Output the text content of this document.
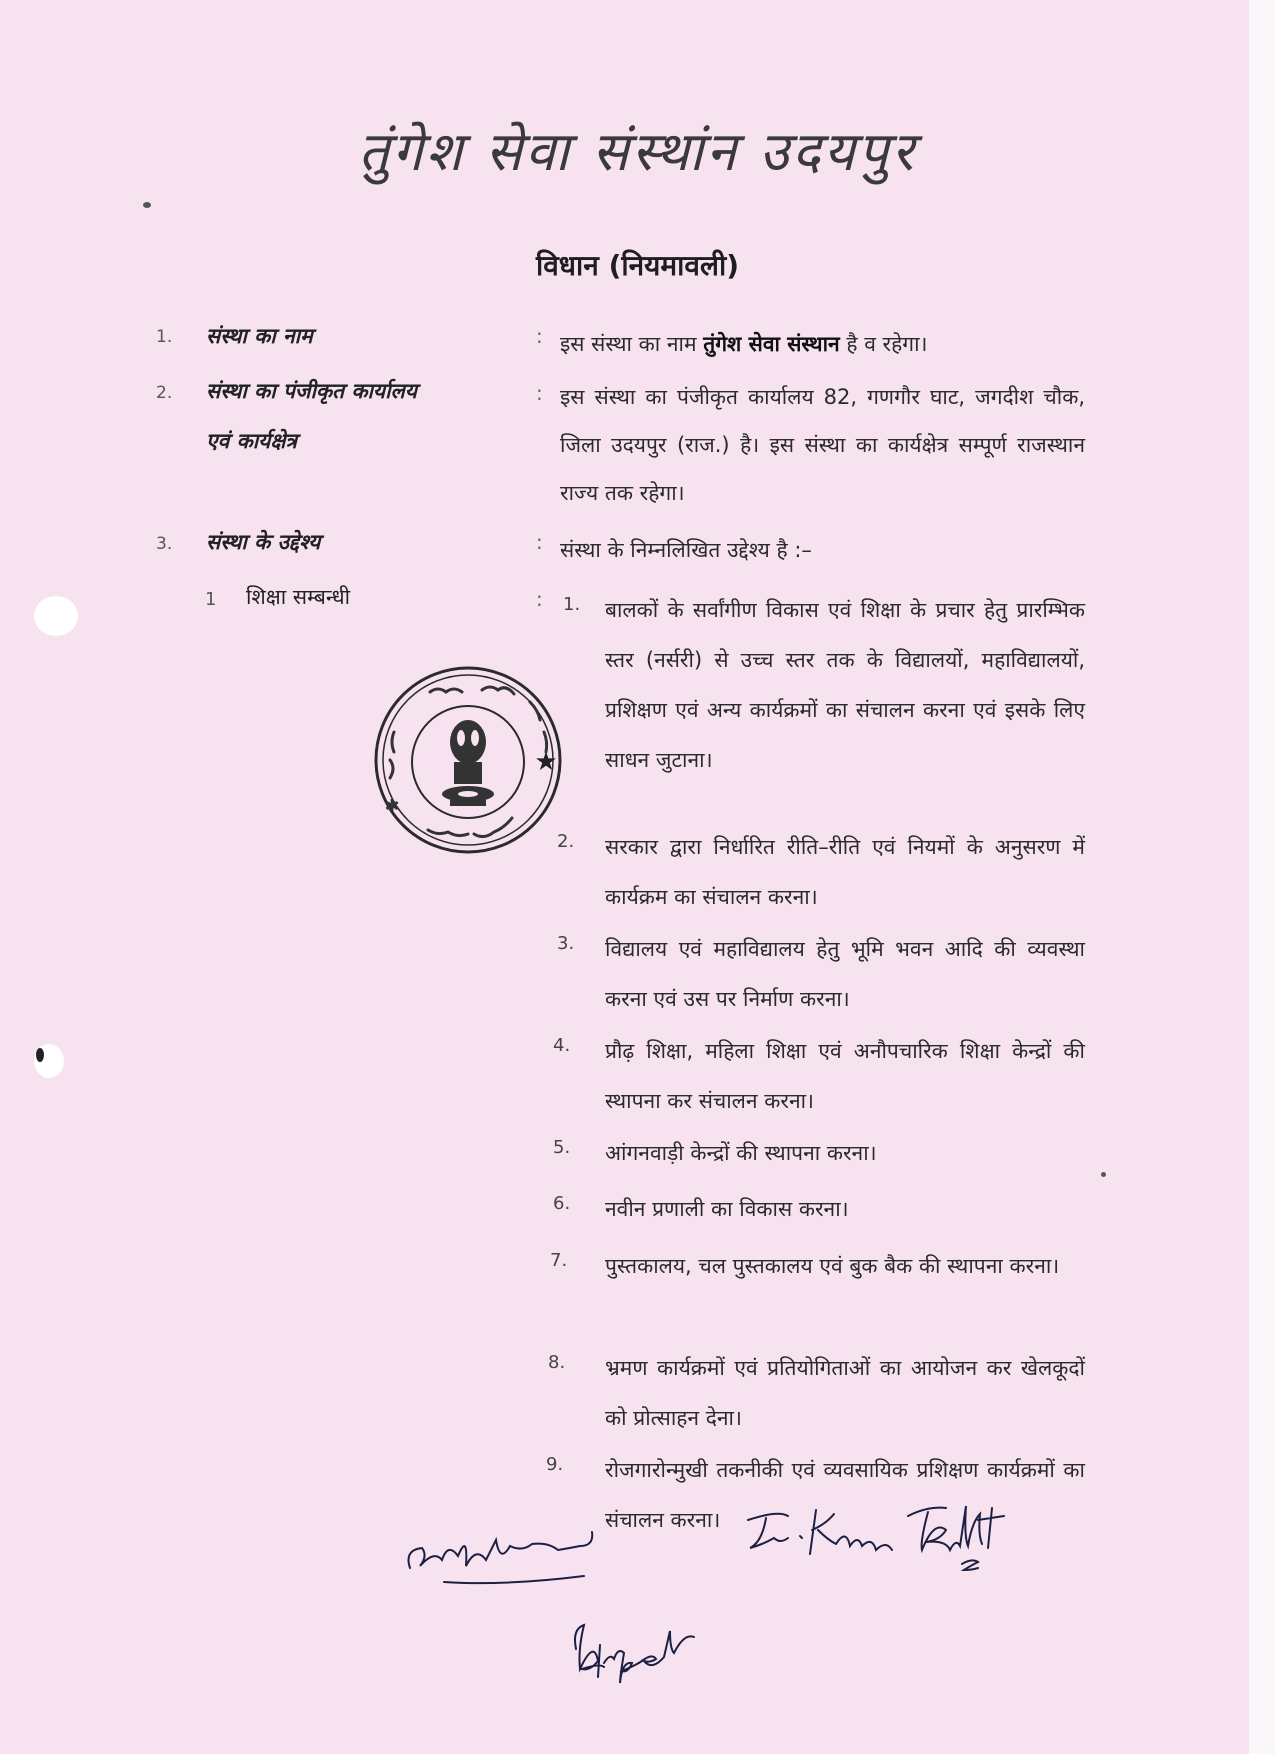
तुंगेश सेवा संस्थांन उदयपुर
विधान (नियमावली)
1. संस्था का नाम	: इस संस्था का नाम तुंगेश सेवा संस्थान है व रहेगा।
2. संस्था का पंजीकृत कार्यालय
एवं कार्यक्षेत्र
: इस संस्था का पंजीकृत कार्यालय 82, गणगौर घाट, जगदीश चौक, जिला उदयपुर (राज.) है। इस संस्था का कार्यक्षेत्र सम्पूर्ण राजस्थान राज्य तक रहेगा।
3. संस्था के उद्देश्य	: संस्था के निम्नलिखित उद्देश्य है :–
1 शिक्षा सम्बन्धी	: 1. बालकों के सर्वांगीण विकास एवं शिक्षा के प्रचार हेतु प्रारम्भिक स्तर (नर्सरी) से उच्च स्तर तक के विद्यालयों, महाविद्यालयों, प्रशिक्षण एवं अन्य कार्यक्रमों का संचालन करना एवं इसके लिए साधन जुटाना।
2. सरकार द्वारा निर्धारित रीति–रीति एवं नियमों के अनुसरण में कार्यक्रम का संचालन करना।
3. विद्यालय एवं महाविद्यालय हेतु भूमि भवन आदि की व्यवस्था करना एवं उस पर निर्माण करना।
4. प्रौढ़ शिक्षा, महिला शिक्षा एवं अनौपचारिक शिक्षा केन्द्रों की स्थापना कर संचालन करना।
5. आंगनवाड़ी केन्द्रों की स्थापना करना।
6. नवीन प्रणाली का विकास करना।
7. पुस्तकालय, चल पुस्तकालय एवं बुक बैक की स्थापना करना।
8. भ्रमण कार्यक्रमों एवं प्रतियोगिताओं का आयोजन कर खेलकूदों को प्रोत्साहन देना।
9. रोजगारोन्मुखी तकनीकी एवं व्यवसायिक प्रशिक्षण कार्यक्रमों का संचालन करना।
★
✱
